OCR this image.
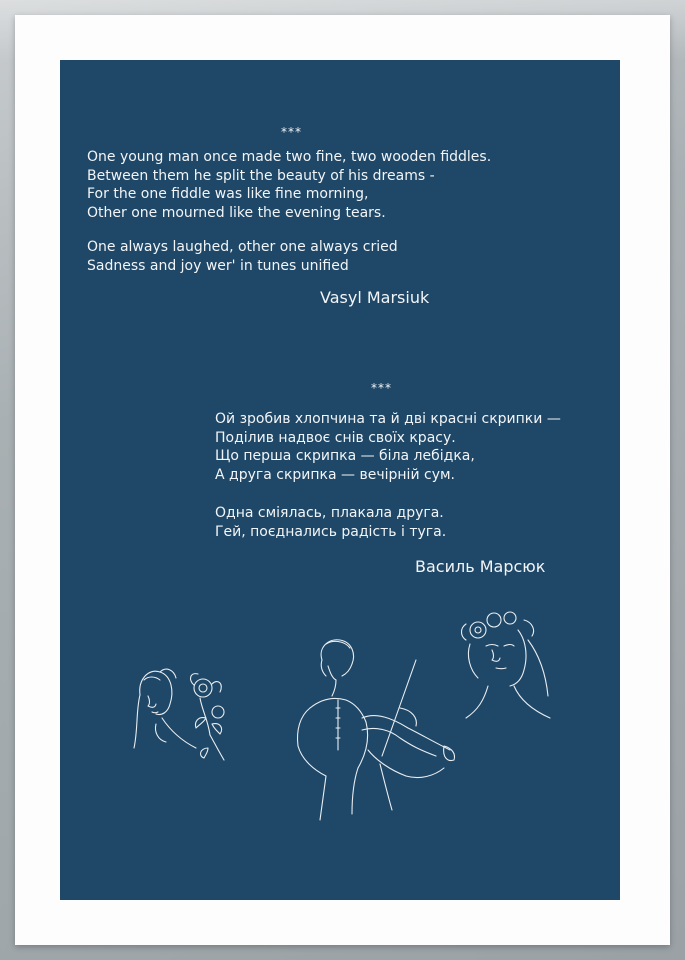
***
One young man once made two fine, two wooden fiddles.
Between them he split the beauty of his dreams -
For the one fiddle was like fine morning,
Other one mourned like the evening tears.
One always laughed, other one always cried
Sadness and joy wer' in tunes unified
Vasyl Marsiuk
***
Ой зробив хлопчина та й дві красні скрипки —
Поділив надвоє снів своїх красу.
Що перша скрипка — біла лебідка,
А друга скрипка — вечірній сум.
Одна сміялась, плакала друга.
Гей, поєднались радість і туга.
Василь Марсюк
